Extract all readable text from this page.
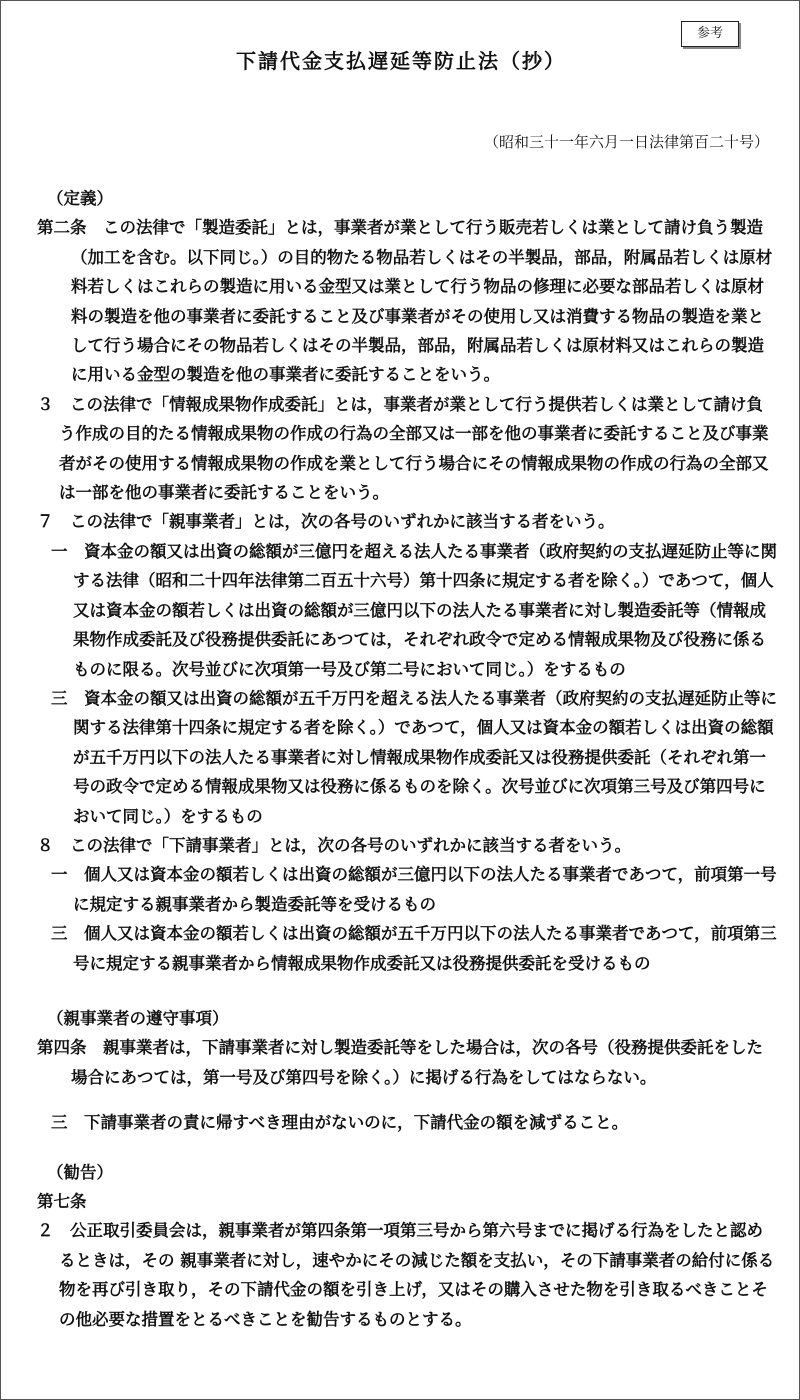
参考
下請代金支払遅延等防止法（抄）
（昭和三十一年六月一日法律第百二十号）
（定義）
第二条　この法律で「製造委託」とは，事業者が業として行う販売若しくは業として請け負う製造（加工を含む。以下同じ。）の目的物たる物品若しくはその半製品，部品，附属品若しくは原材料若しくはこれらの製造に用いる金型又は業として行う物品の修理に必要な部品若しくは原材料の製造を他の事業者に委託すること及び事業者がその使用し又は消費する物品の製造を業として行う場合にその物品若しくはその半製品，部品，附属品若しくは原材料又はこれらの製造に用いる金型の製造を他の事業者に委託することをいう。
３　この法律で「情報成果物作成委託」とは，事業者が業として行う提供若しくは業として請け負う作成の目的たる情報成果物の作成の行為の全部又は一部を他の事業者に委託すること及び事業者がその使用する情報成果物の作成を業として行う場合にその情報成果物の作成の行為の全部又は一部を他の事業者に委託することをいう。
７　この法律で「親事業者」とは，次の各号のいずれかに該当する者をいう。
一　資本金の額又は出資の総額が三億円を超える法人たる事業者（政府契約の支払遅延防止等に関する法律（昭和二十四年法律第二百五十六号）第十四条に規定する者を除く。）であつて，個人又は資本金の額若しくは出資の総額が三億円以下の法人たる事業者に対し製造委託等（情報成果物作成委託及び役務提供委託にあつては，それぞれ政令で定める情報成果物及び役務に係るものに限る。次号並びに次項第一号及び第二号において同じ。）をするもの
三　資本金の額又は出資の総額が五千万円を超える法人たる事業者（政府契約の支払遅延防止等に関する法律第十四条に規定する者を除く。）であつて，個人又は資本金の額若しくは出資の総額が五千万円以下の法人たる事業者に対し情報成果物作成委託又は役務提供委託（それぞれ第一号の政令で定める情報成果物又は役務に係るものを除く。次号並びに次項第三号及び第四号において同じ。）をするもの
８　この法律で「下請事業者」とは，次の各号のいずれかに該当する者をいう。
一　個人又は資本金の額若しくは出資の総額が三億円以下の法人たる事業者であつて，前項第一号に規定する親事業者から製造委託等を受けるもの
三　個人又は資本金の額若しくは出資の総額が五千万円以下の法人たる事業者であつて，前項第三号に規定する親事業者から情報成果物作成委託又は役務提供委託を受けるもの
（親事業者の遵守事項）
第四条　親事業者は，下請事業者に対し製造委託等をした場合は，次の各号（役務提供委託をした場合にあつては，第一号及び第四号を除く。）に掲げる行為をしてはならない。
三　下請事業者の責に帰すべき理由がないのに，下請代金の額を減ずること。
（勧告）
第七条
２　公正取引委員会は，親事業者が第四条第一項第三号から第六号までに掲げる行為をしたと認めるときは，その 親事業者に対し，速やかにその減じた額を支払い，その下請事業者の給付に係る物を再び引き取り，その下請代金の額を引き上げ，又はその購入させた物を引き取るべきことその他必要な措置をとるべきことを勧告するものとする。
